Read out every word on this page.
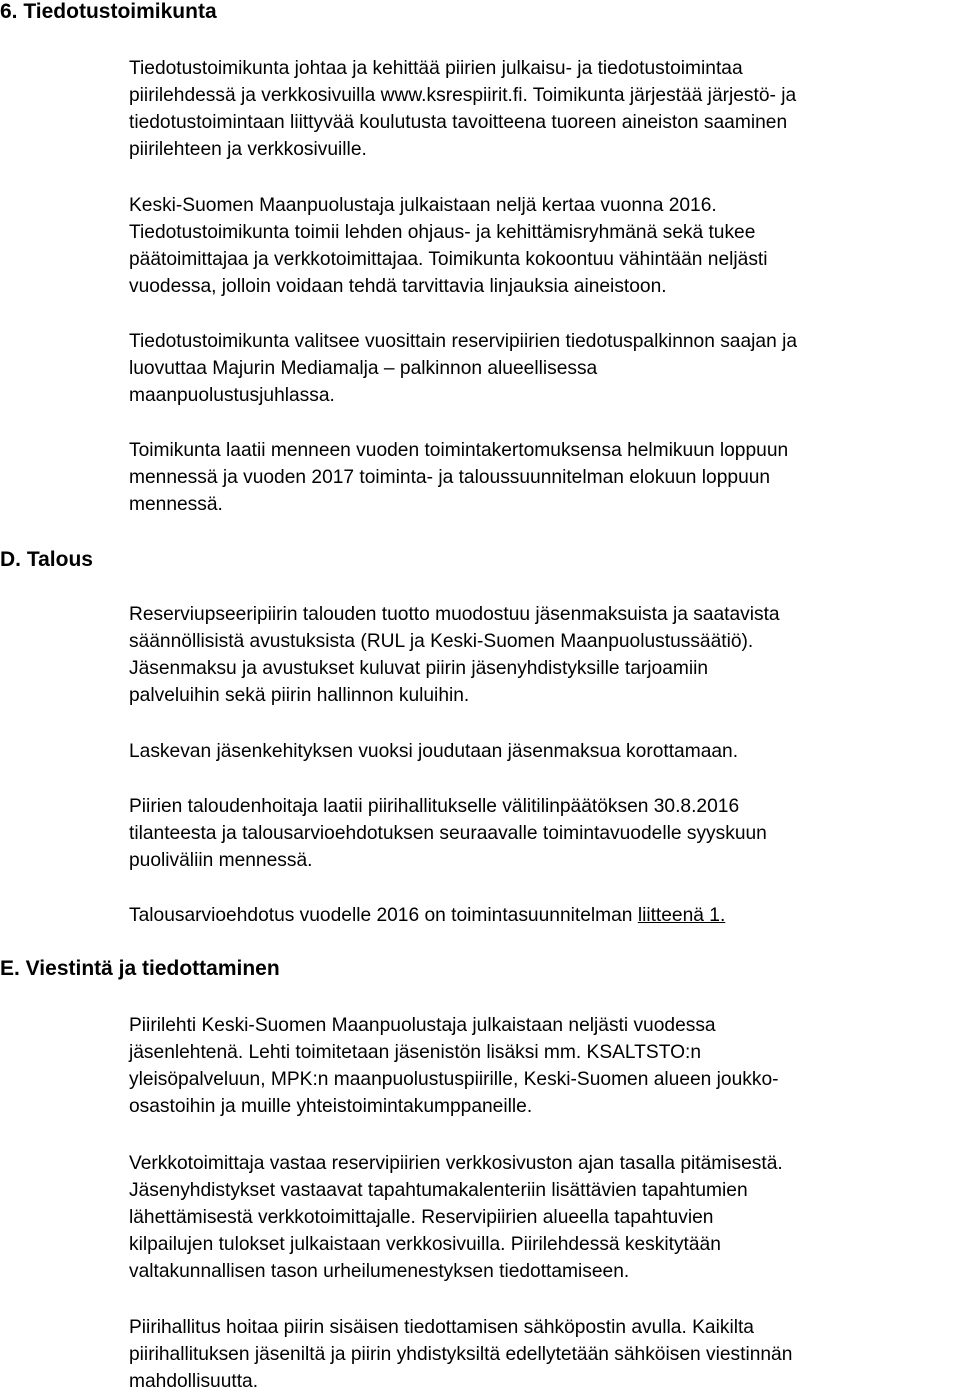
6. Tiedotustoimikunta
D. Talous
E. Viestintä ja tiedottaminen
Tiedotustoimikunta johtaa ja kehittää piirien julkaisu- ja tiedotustoimintaa
piirilehdessä ja verkkosivuilla www.ksrespiirit.fi. Toimikunta järjestää järjestö- ja
tiedotustoimintaan liittyvää koulutusta tavoitteena tuoreen aineiston saaminen
piirilehteen ja verkkosivuille.
Keski-Suomen Maanpuolustaja julkaistaan neljä kertaa vuonna 2016.
Tiedotustoimikunta toimii lehden ohjaus- ja kehittämisryhmänä sekä tukee
päätoimittajaa ja verkkotoimittajaa. Toimikunta kokoontuu vähintään neljästi
vuodessa, jolloin voidaan tehdä tarvittavia linjauksia aineistoon.
Tiedotustoimikunta valitsee vuosittain reservipiirien tiedotuspalkinnon saajan ja
luovuttaa Majurin Mediamalja – palkinnon alueellisessa
maanpuolustusjuhlassa.
Toimikunta laatii menneen vuoden toimintakertomuksensa helmikuun loppuun
mennessä ja vuoden 2017 toiminta- ja taloussuunnitelman elokuun loppuun
mennessä.
Reserviupseeripiirin talouden tuotto muodostuu jäsenmaksuista ja saatavista
säännöllisistä avustuksista (RUL ja Keski-Suomen Maanpuolustussäätiö).
Jäsenmaksu ja avustukset kuluvat piirin jäsenyhdistyksille tarjoamiin
palveluihin sekä piirin hallinnon kuluihin.
Laskevan jäsenkehityksen vuoksi joudutaan jäsenmaksua korottamaan.
Piirien taloudenhoitaja laatii piirihallitukselle välitilinpäätöksen 30.8.2016
tilanteesta ja talousarvioehdotuksen seuraavalle toimintavuodelle syyskuun
puoliväliin mennessä.
Talousarvioehdotus vuodelle 2016 on toimintasuunnitelman liitteenä 1.
Piirilehti Keski-Suomen Maanpuolustaja julkaistaan neljästi vuodessa
jäsenlehtenä. Lehti toimitetaan jäsenistön lisäksi mm. KSALTSTO:n
yleisöpalveluun, MPK:n maanpuolustuspiirille, Keski-Suomen alueen joukko-
osastoihin ja muille yhteistoimintakumppaneille.
Verkkotoimittaja vastaa reservipiirien verkkosivuston ajan tasalla pitämisestä.
Jäsenyhdistykset vastaavat tapahtumakalenteriin lisättävien tapahtumien
lähettämisestä verkkotoimittajalle. Reservipiirien alueella tapahtuvien
kilpailujen tulokset julkaistaan verkkosivuilla. Piirilehdessä keskitytään
valtakunnallisen tason urheilumenestyksen tiedottamiseen.
Piirihallitus hoitaa piirin sisäisen tiedottamisen sähköpostin avulla. Kaikilta
piirihallituksen jäseniltä ja piirin yhdistyksiltä edellytetään sähköisen viestinnän
mahdollisuutta.
